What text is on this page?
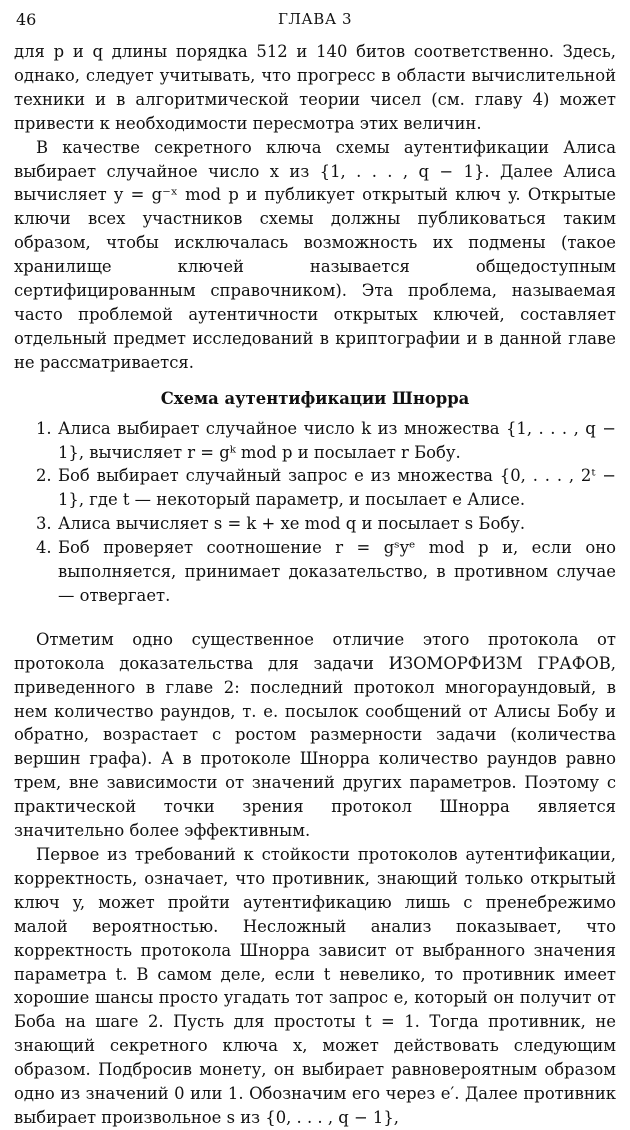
46	ГЛАВА 3

для p и q длины порядка 512 и 140 битов соответственно. Здесь, однако, следует учитывать, что прогресс в области вычислительной техники и в алгоритмической теории чисел (см. главу 4) может привести к необходимости пересмотра этих величин.

В качестве секретного ключа схемы аутентификации Алиса выбирает случайное число x из {1, . . . , q − 1}. Далее Алиса вычисляет y = g⁻ˣ mod p и публикует открытый ключ y. Открытые ключи всех участников схемы должны публиковаться таким образом, чтобы исключалась возможность их подмены (такое хранилище ключей называется общедоступным сертифицированным справочником). Эта проблема, называемая часто проблемой аутентичности открытых ключей, составляет отдельный предмет исследований в криптографии и в данной главе не рассматривается.

Схема аутентификации Шнорра
1. Алиса выбирает случайное число k из множества {1, . . . , q − 1}, вычисляет r = gᵏ mod p и посылает r Бобу.
2. Боб выбирает случайный запрос e из множества {0, . . . , 2ᵗ − 1}, где t — некоторый параметр, и посылает e Алисе.
3. Алиса вычисляет s = k + xe mod q и посылает s Бобу.
4. Боб проверяет соотношение r = gˢyᵉ mod p и, если оно выполняется, принимает доказательство, в противном случае — отвергает.

Отметим одно существенное отличие этого протокола от протокола доказательства для задачи ИЗОМОРФИЗМ ГРАФОВ, приведенного в главе 2: последний протокол многораундовый, в нем количество раундов, т. е. посылок сообщений от Алисы Бобу и обратно, возрастает с ростом размерности задачи (количества вершин графа). А в протоколе Шнорра количество раундов равно трем, вне зависимости от значений других параметров. Поэтому с практической точки зрения протокол Шнорра является значительно более эффективным.

Первое из требований к стойкости протоколов аутентификации, корректность, означает, что противник, знающий только открытый ключ y, может пройти аутентификацию лишь с пренебрежимо малой вероятностью. Несложный анализ показывает, что корректность протокола Шнорра зависит от выбранного значения параметра t. В самом деле, если t невелико, то противник имеет хорошие шансы просто угадать тот запрос e, который он получит от Боба на шаге 2. Пусть для простоты t = 1. Тогда противник, не знающий секретного ключа x, может действовать следующим образом. Подбросив монету, он выбирает равновероятным образом одно из значений 0 или 1. Обозначим его через e′. Далее противник выбирает произвольное s из {0, . . . , q − 1},
